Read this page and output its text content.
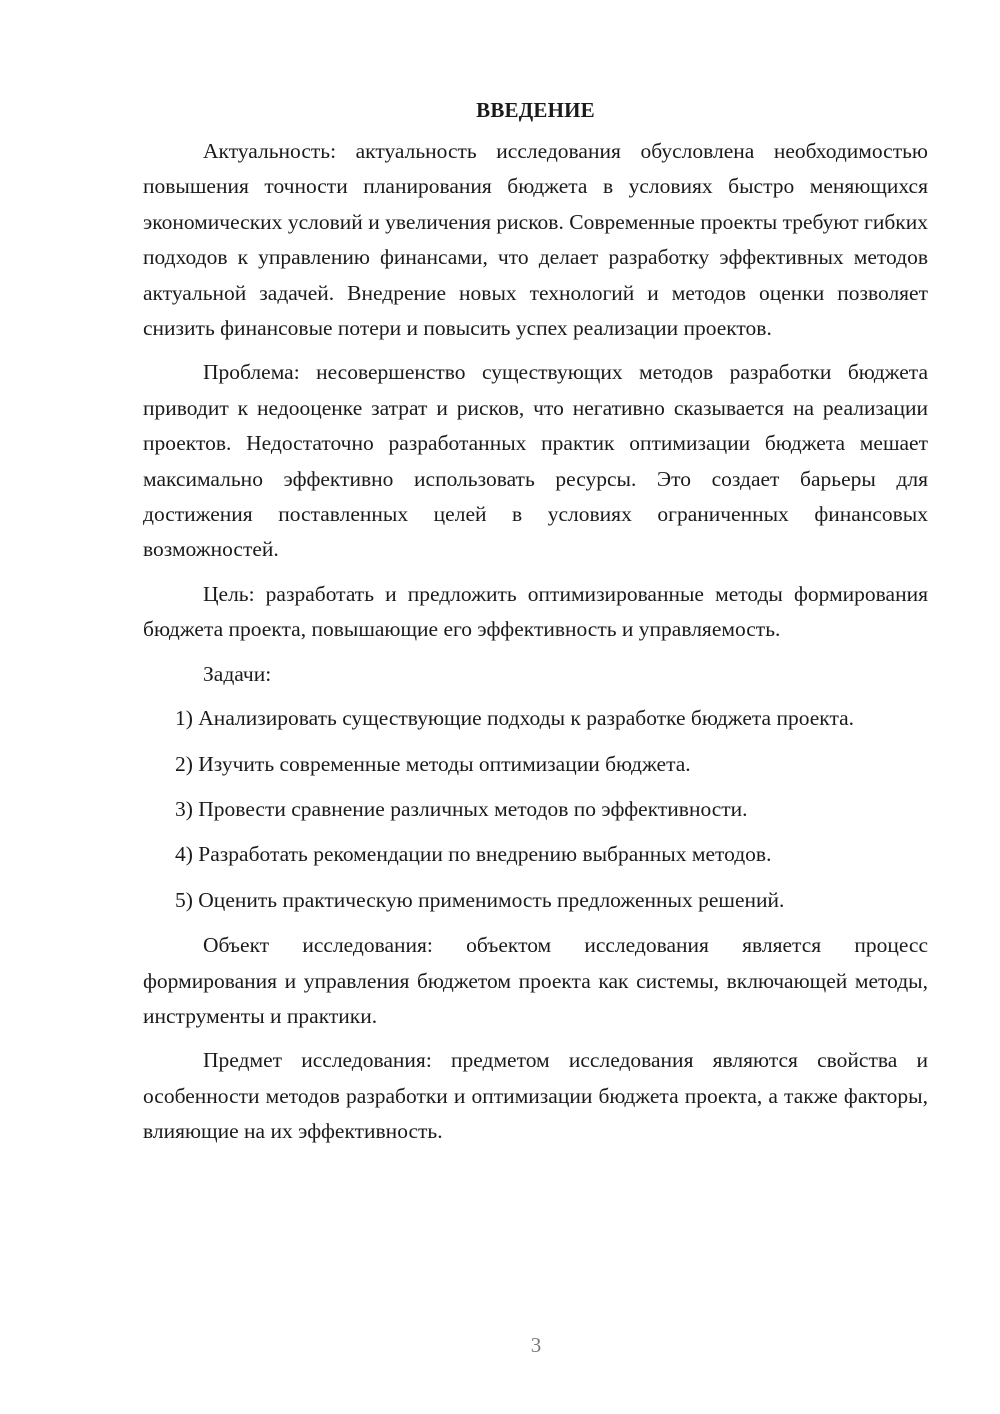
ВВЕДЕНИЕ

Актуальность: актуальность исследования обусловлена необходимостью повышения точности планирования бюджета в условиях быстро меняющихся экономических условий и увеличения рисков. Современные проекты требуют гибких подходов к управлению финансами, что делает разработку эффективных методов актуальной задачей. Внедрение новых технологий и методов оценки позволяет снизить финансовые потери и повысить успех реализации проектов.

Проблема: несовершенство существующих методов разработки бюджета приводит к недооценке затрат и рисков, что негативно сказывается на реализации проектов. Недостаточно разработанных практик оптимизации бюджета мешает максимально эффективно использовать ресурсы. Это создает барьеры для достижения поставленных целей в условиях ограниченных финансовых возможностей.

Цель: разработать и предложить оптимизированные методы формирования бюджета проекта, повышающие его эффективность и управляемость.

Задачи:

1) Анализировать существующие подходы к разработке бюджета проекта.

2) Изучить современные методы оптимизации бюджета.

3) Провести сравнение различных методов по эффективности.

4) Разработать рекомендации по внедрению выбранных методов.

5) Оценить практическую применимость предложенных решений.

Объект исследования: объектом исследования является процесс формирования и управления бюджетом проекта как системы, включающей методы, инструменты и практики.

Предмет исследования: предметом исследования являются свойства и особенности методов разработки и оптимизации бюджета проекта, а также факторы, влияющие на их эффективность.

3
